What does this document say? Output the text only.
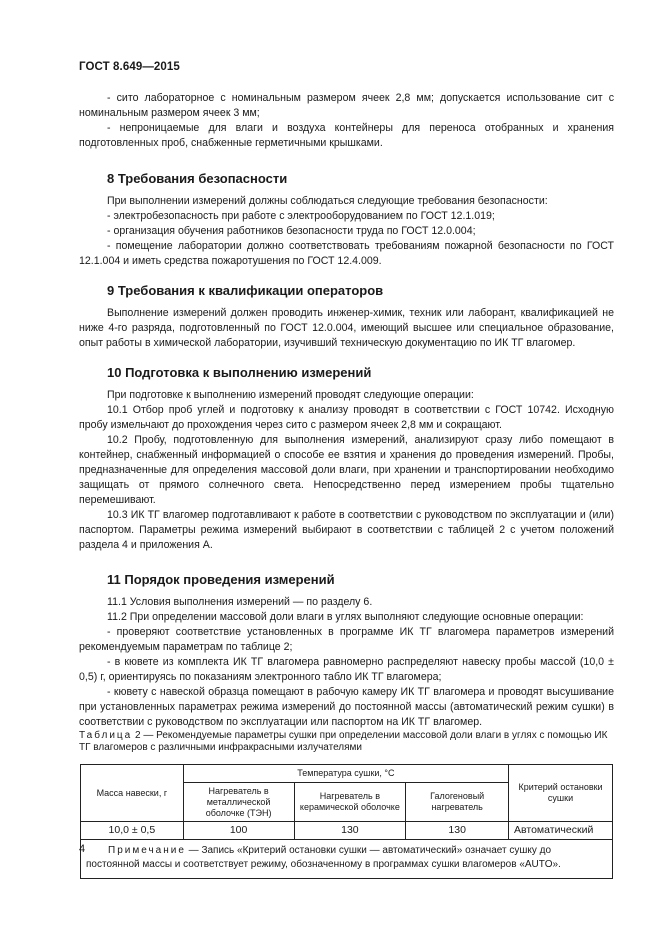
ГОСТ 8.649—2015

- сито лабораторное с номинальным размером ячеек 2,8 мм; допускается использование сит с номинальным размером ячеек 3 мм;

- непроницаемые для влаги и воздуха контейнеры для переноса отобранных и хранения подготовленных проб, снабженные герметичными крышками.

8 Требования безопасности

При выполнении измерений должны соблюдаться следующие требования безопасности:

- электробезопасность при работе с электрооборудованием по ГОСТ 12.1.019;

- организация обучения работников безопасности труда по ГОСТ 12.0.004;

- помещение лаборатории должно соответствовать требованиям пожарной безопасности по ГОСТ 12.1.004 и иметь средства пожаротушения по ГОСТ 12.4.009.

9 Требования к квалификации операторов

Выполнение измерений должен проводить инженер-химик, техник или лаборант, квалификацией не ниже 4-го разряда, подготовленный по ГОСТ 12.0.004, имеющий высшее или специальное образование, опыт работы в химической лаборатории, изучивший техническую документацию по ИК ТГ влагомер.

10 Подготовка к выполнению измерений

При подготовке к выполнению измерений проводят следующие операции:

10.1 Отбор проб углей и подготовку к анализу проводят в соответствии с ГОСТ 10742. Исходную пробу измельчают до прохождения через сито с размером ячеек 2,8 мм и сокращают.

10.2 Пробу, подготовленную для выполнения измерений, анализируют сразу либо помещают в контейнер, снабженный информацией о способе ее взятия и хранения до проведения измерений. Пробы, предназначенные для определения массовой доли влаги, при хранении и транспортировании необходимо защищать от прямого солнечного света. Непосредственно перед измерением пробы тщательно перемешивают.

10.3 ИК ТГ влагомер подготавливают к работе в соответствии с руководством по эксплуатации и (или) паспортом. Параметры режима измерений выбирают в соответствии с таблицей 2 с учетом положений раздела 4 и приложения А.

11 Порядок проведения измерений

11.1 Условия выполнения измерений — по разделу 6.

11.2 При определении массовой доли влаги в углях выполняют следующие основные операции:

- проверяют соответствие установленных в программе ИК ТГ влагомера параметров измерений рекомендуемым параметрам по таблице 2;

- в кювете из комплекта ИК ТГ влагомера равномерно распределяют навеску пробы массой (10,0 ± 0,5) г, ориентируясь по показаниям электронного табло ИК ТГ влагомера;

- кювету с навеской образца помещают в рабочую камеру ИК ТГ влагомера и проводят высушивание при установленных параметрах режима измерений до постоянной массы (автоматический режим сушки) в соответствии с руководством по эксплуатации или паспортом на ИК ТГ влагомер.

Таблица 2 — Рекомендуемые параметры сушки при определении массовой доли влаги в углях с помощью ИК ТГ влагомеров с различными инфракрасными излучателями

Масса навески, г	Температура сушки, °С			Критерий остановки сушки
	Нагреватель в металлической оболочке (ТЭН)	Нагреватель в керамической оболочке	Галогеновый нагреватель	
10,0 ± 0,5	100	130	130	Автоматический
Примечание — Запись «Критерий остановки сушки — автоматический» означает сушку до постоянной массы и соответствует режиму, обозначенному в программах сушки влагомеров «AUTO».				
4
